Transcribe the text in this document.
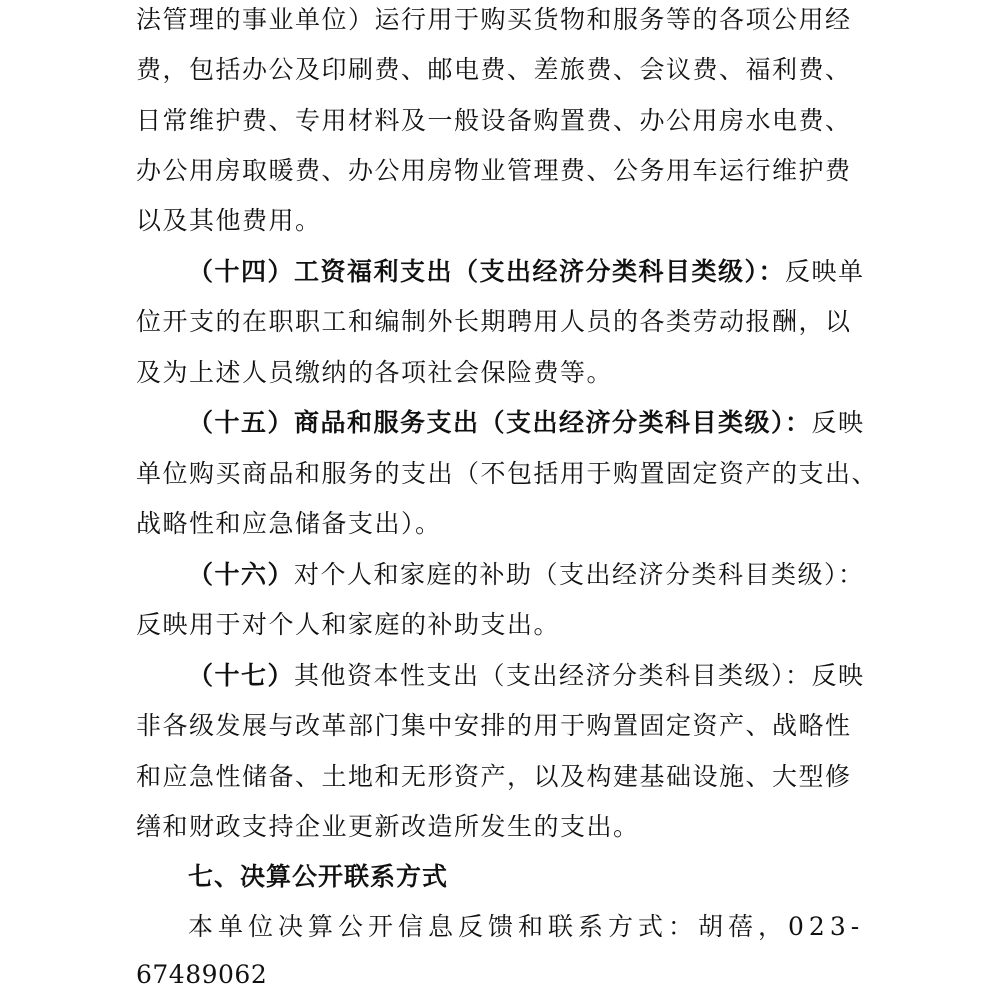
法管理的事业单位）运行用于购买货物和服务等的各项公用经
费，包括办公及印刷费、邮电费、差旅费、会议费、福利费、
日常维护费、专用材料及一般设备购置费、办公用房水电费、
办公用房取暖费、办公用房物业管理费、公务用车运行维护费
以及其他费用。
（十四）工资福利支出（支出经济分类科目类级）：反映单
位开支的在职职工和编制外长期聘用人员的各类劳动报酬，以
及为上述人员缴纳的各项社会保险费等。
（十五）商品和服务支出（支出经济分类科目类级）：反映
单位购买商品和服务的支出（不包括用于购置固定资产的支出、
战略性和应急储备支出）。
（十六）对个人和家庭的补助（支出经济分类科目类级）：
反映用于对个人和家庭的补助支出。
（十七）其他资本性支出（支出经济分类科目类级）：反映
非各级发展与改革部门集中安排的用于购置固定资产、战略性
和应急性储备、土地和无形资产，以及构建基础设施、大型修
缮和财政支持企业更新改造所发生的支出。
七、决算公开联系方式
本单位决算公开信息反馈和联系方式：胡蓓，023-
67489062
